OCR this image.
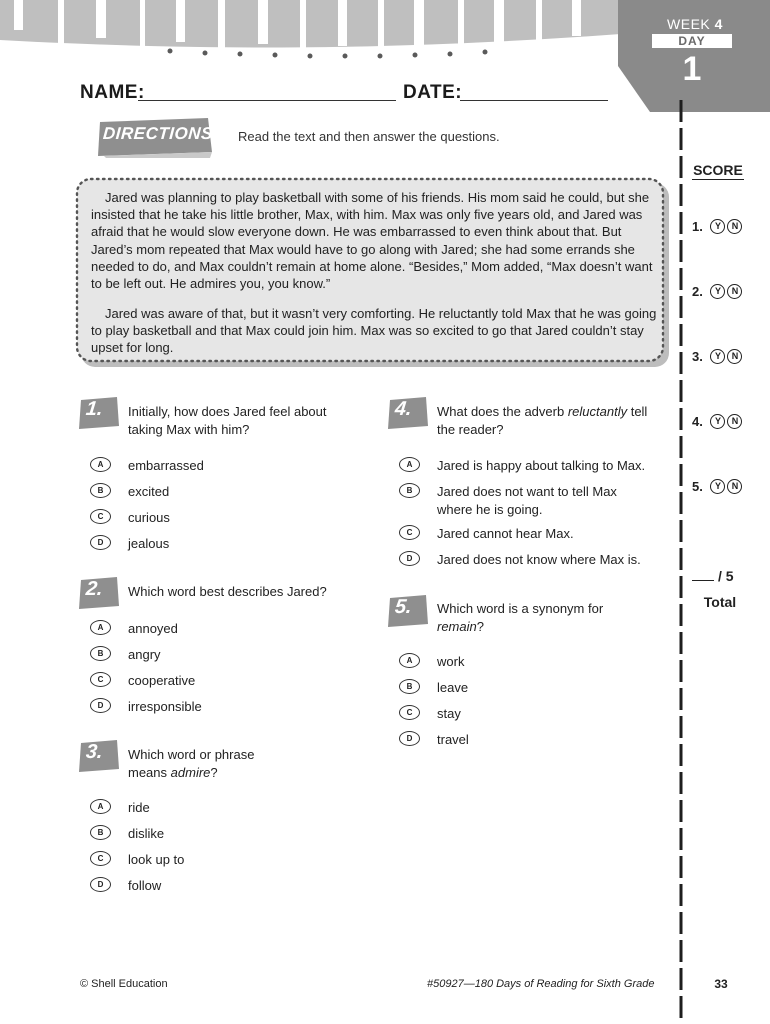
WEEK 4
DAY
1
NAME:	DATE:
DIRECTIONS Read the text and then answer the questions.
Jared was planning to play basketball with some of his friends. His mom said he could, but she insisted that he take his little brother, Max, with him. Max was only five years old, and Jared was afraid that he would slow everyone down. He was embarrassed to even think about that. But Jared’s mom repeated that Max would have to go along with Jared; she had some errands she needed to do, and Max couldn’t remain at home alone. “Besides,” Mom added, “Max doesn’t want to be left out. He admires you, you know.”
Jared was aware of that, but it wasn’t very comforting. He reluctantly told Max that he was going to play basketball and that Max could join him. Max was so excited to go that Jared couldn’t stay upset for long.
SCORE
1.
	Y	N
2.
	Y	N
3.
	Y	N
4.
	Y	N
5.
	Y	N
/ 5
Total
1. Initially, how does Jared feel about taking Max with him?
A	embarrassed
B	excited
C	curious
D	jealous
2. Which word best describes Jared?
A	annoyed
B	angry
C	cooperative
D	irresponsible
3. Which word or phrase means admire?
A	ride
B	dislike
C	look up to
D	follow
4. What does the adverb reluctantly tell the reader?
A	Jared is happy about talking to Max.
B	Jared does not want to tell Max where he is going.
C	Jared cannot hear Max.
D	Jared does not know where Max is.
5. Which word is a synonym for remain?
A	work
B	leave
C	stay
D	travel
© Shell Education	#50927—180 Days of Reading for Sixth Grade	33
